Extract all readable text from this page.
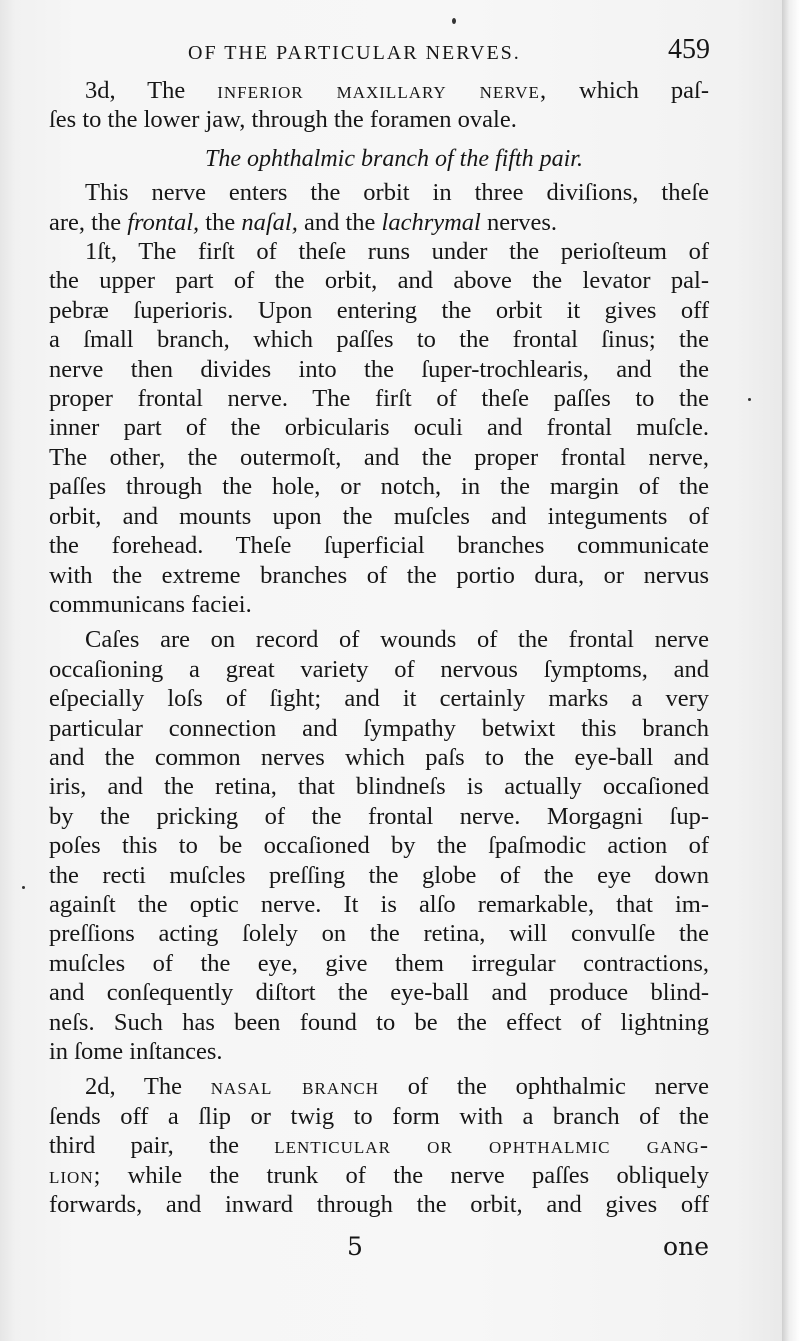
OF THE PARTICULAR NERVES.	459
3d, The inferior maxillary nerve, which paſ-
ſes to the lower jaw, through the foramen ovale.
The ophthalmic branch of the fifth pair.
This nerve enters the orbit in three diviſions, theſe
are, the frontal, the naſal, and the lachrymal nerves.
1ſt, The firſt of theſe runs under the perioſteum of
the upper part of the orbit, and above the levator pal-
pebræ ſuperioris. Upon entering the orbit it gives off
a ſmall branch, which paſſes to the frontal ſinus; the
nerve then divides into the ſuper-trochlearis, and the
proper frontal nerve. The firſt of theſe paſſes to the
inner part of the orbicularis oculi and frontal muſcle.
The other, the outermoſt, and the proper frontal nerve,
paſſes through the hole, or notch, in the margin of the
orbit, and mounts upon the muſcles and integuments of
the forehead. Theſe ſuperficial branches communicate
with the extreme branches of the portio dura, or nervus
communicans faciei.
Caſes are on record of wounds of the frontal nerve
occaſioning a great variety of nervous ſymptoms, and
eſpecially loſs of ſight; and it certainly marks a very
particular connection and ſympathy betwixt this branch
and the common nerves which paſs to the eye-ball and
iris, and the retina, that blindneſs is actually occaſioned
by the pricking of the frontal nerve. Morgagni ſup-
poſes this to be occaſioned by the ſpaſmodic action of
the recti muſcles preſſing the globe of the eye down
againſt the optic nerve. It is alſo remarkable, that im-
preſſions acting ſolely on the retina, will convulſe the
muſcles of the eye, give them irregular contractions,
and conſequently diſtort the eye-ball and produce blind-
neſs. Such has been found to be the effect of lightning
in ſome inſtances.
2d, The nasal branch of the ophthalmic nerve
ſends off a ſlip or twig to form with a branch of the
third pair, the lenticular or ophthalmic gang-
lion; while the trunk of the nerve paſſes obliquely
forwards, and inward through the orbit, and gives off
5	one
